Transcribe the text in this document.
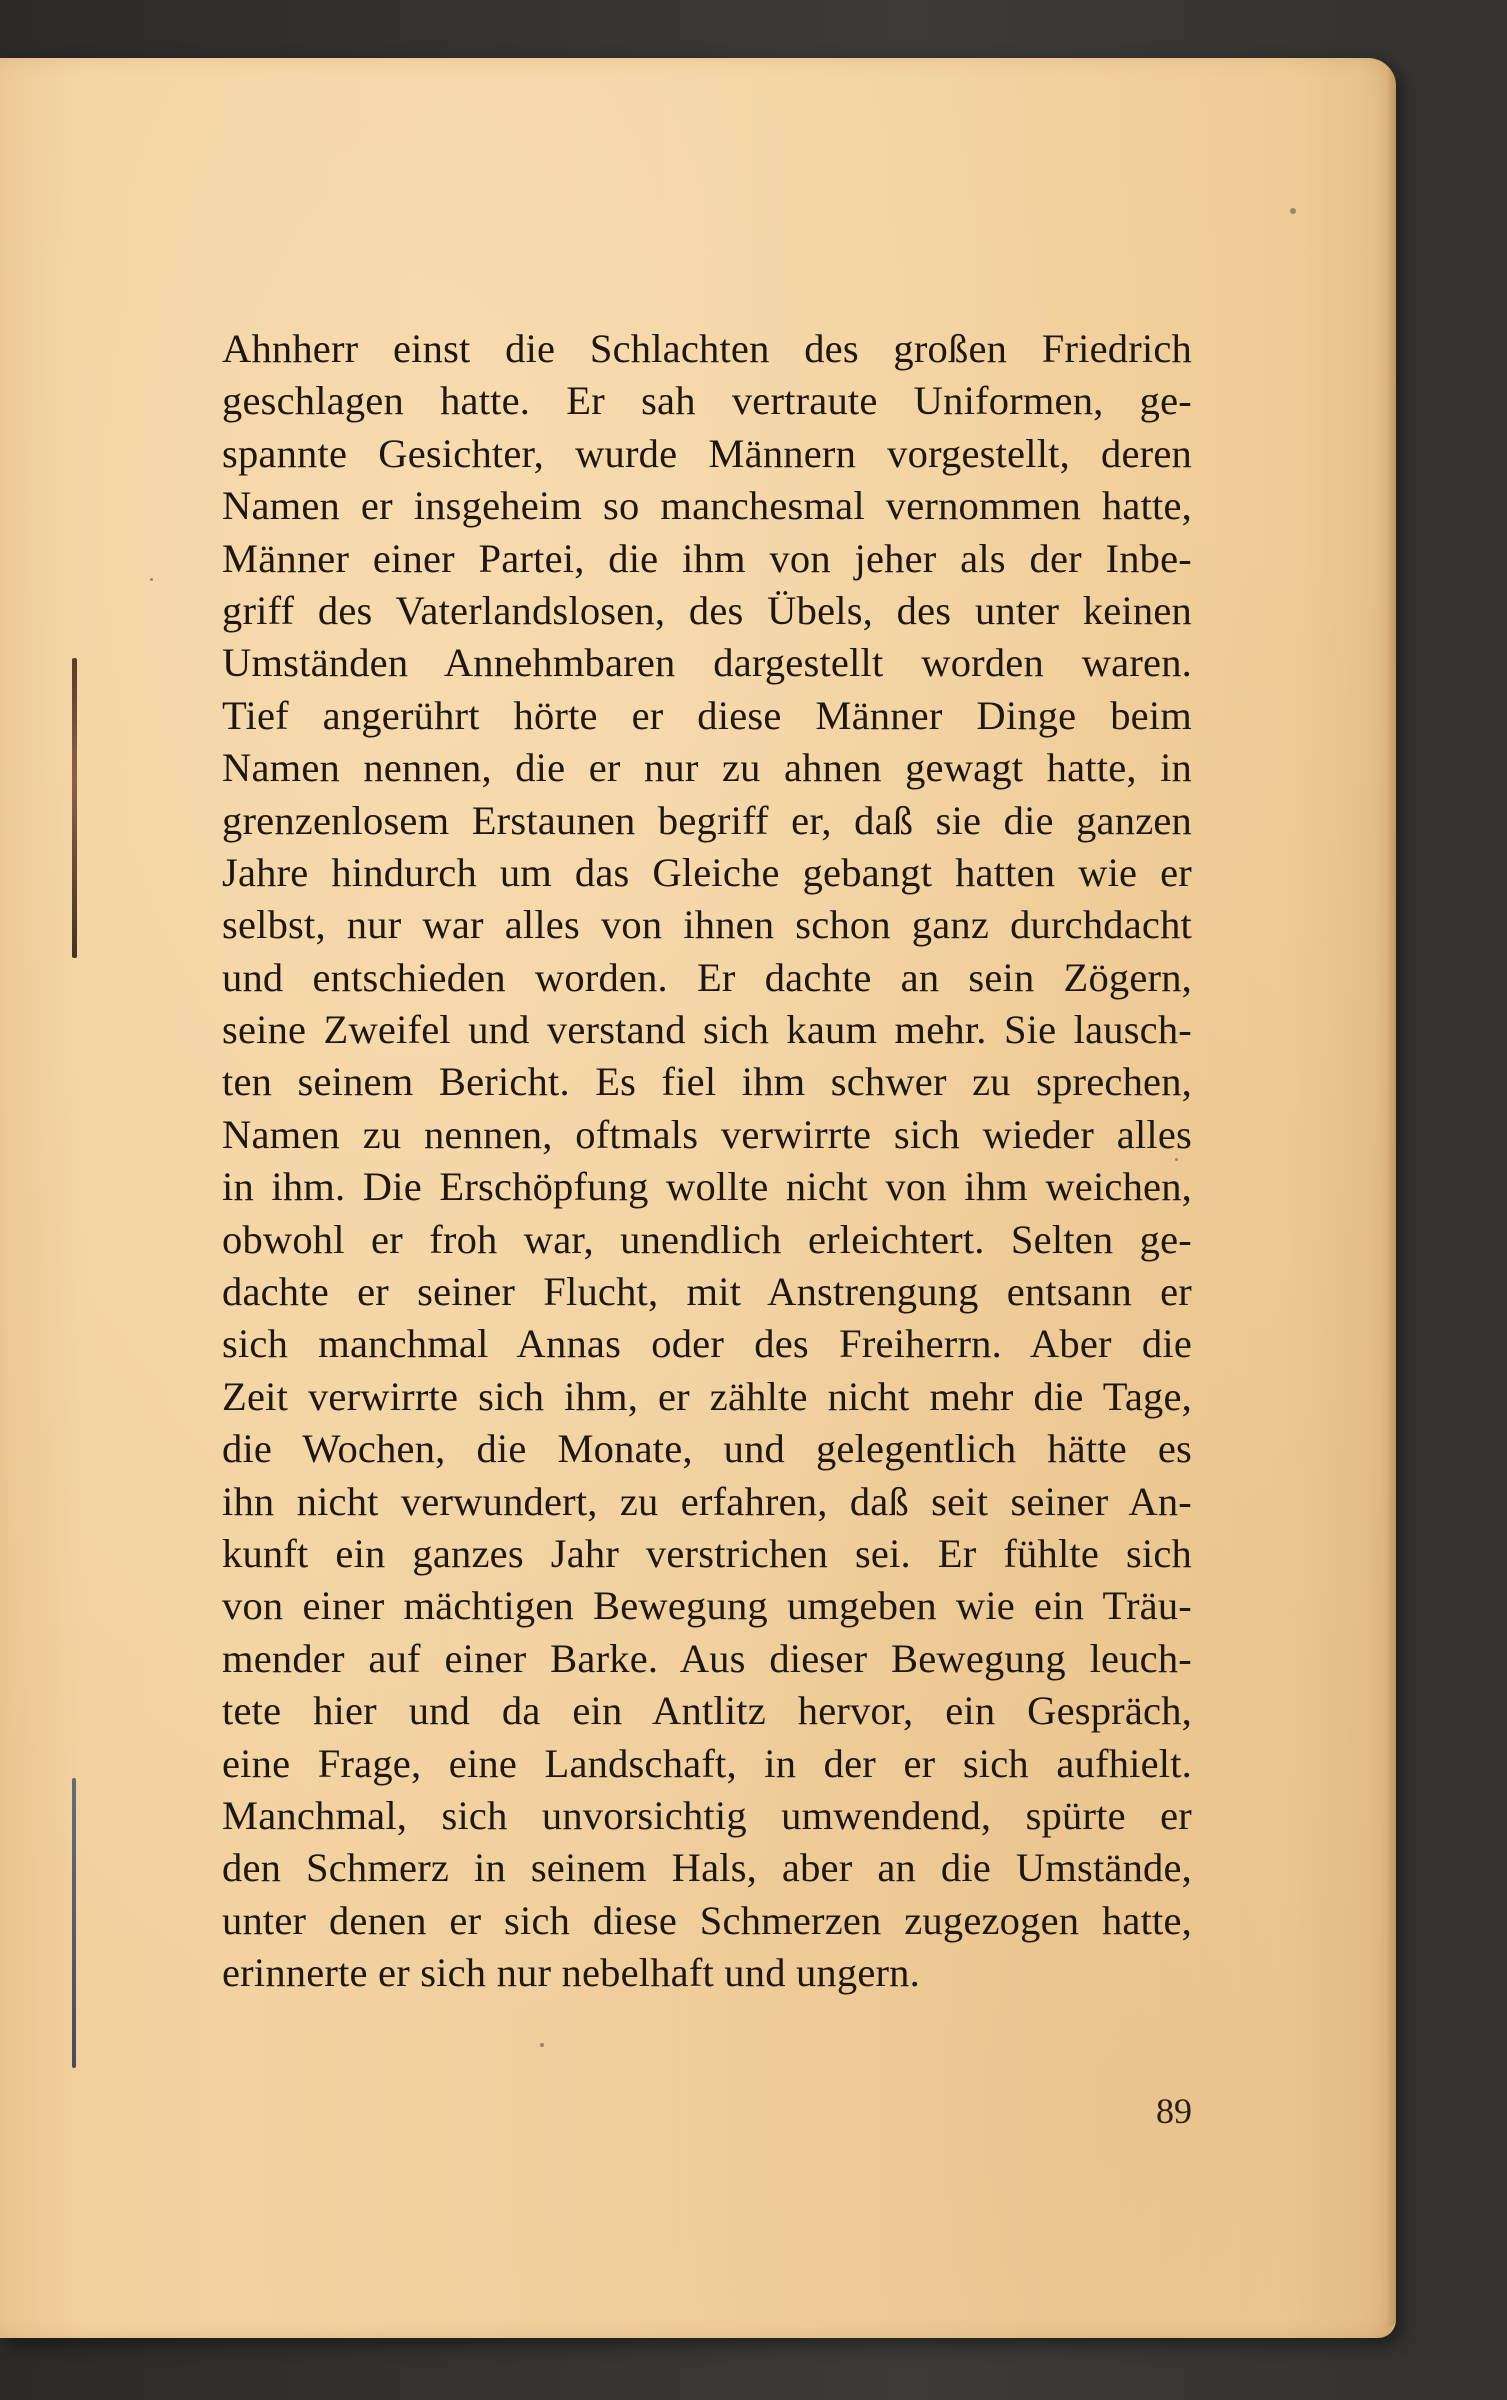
Ahnherr einst die Schlachten des großen Friedrich
geschlagen hatte. Er sah vertraute Uniformen, ge-
spannte Gesichter, wurde Männern vorgestellt, deren
Namen er insgeheim so manchesmal vernommen hatte,
Männer einer Partei, die ihm von jeher als der Inbe-
griff des Vaterlandslosen, des Übels, des unter keinen
Umständen Annehmbaren dargestellt worden waren.
Tief angerührt hörte er diese Männer Dinge beim
Namen nennen, die er nur zu ahnen gewagt hatte, in
grenzenlosem Erstaunen begriff er, daß sie die ganzen
Jahre hindurch um das Gleiche gebangt hatten wie er
selbst, nur war alles von ihnen schon ganz durchdacht
und entschieden worden. Er dachte an sein Zögern,
seine Zweifel und verstand sich kaum mehr. Sie lausch-
ten seinem Bericht. Es fiel ihm schwer zu sprechen,
Namen zu nennen, oftmals verwirrte sich wieder alles
in ihm. Die Erschöpfung wollte nicht von ihm weichen,
obwohl er froh war, unendlich erleichtert. Selten ge-
dachte er seiner Flucht, mit Anstrengung entsann er
sich manchmal Annas oder des Freiherrn. Aber die
Zeit verwirrte sich ihm, er zählte nicht mehr die Tage,
die Wochen, die Monate, und gelegentlich hätte es
ihn nicht verwundert, zu erfahren, daß seit seiner An-
kunft ein ganzes Jahr verstrichen sei. Er fühlte sich
von einer mächtigen Bewegung umgeben wie ein Träu-
mender auf einer Barke. Aus dieser Bewegung leuch-
tete hier und da ein Antlitz hervor, ein Gespräch,
eine Frage, eine Landschaft, in der er sich aufhielt.
Manchmal, sich unvorsichtig umwendend, spürte er
den Schmerz in seinem Hals, aber an die Umstände,
unter denen er sich diese Schmerzen zugezogen hatte,
erinnerte er sich nur nebelhaft und ungern.
89
